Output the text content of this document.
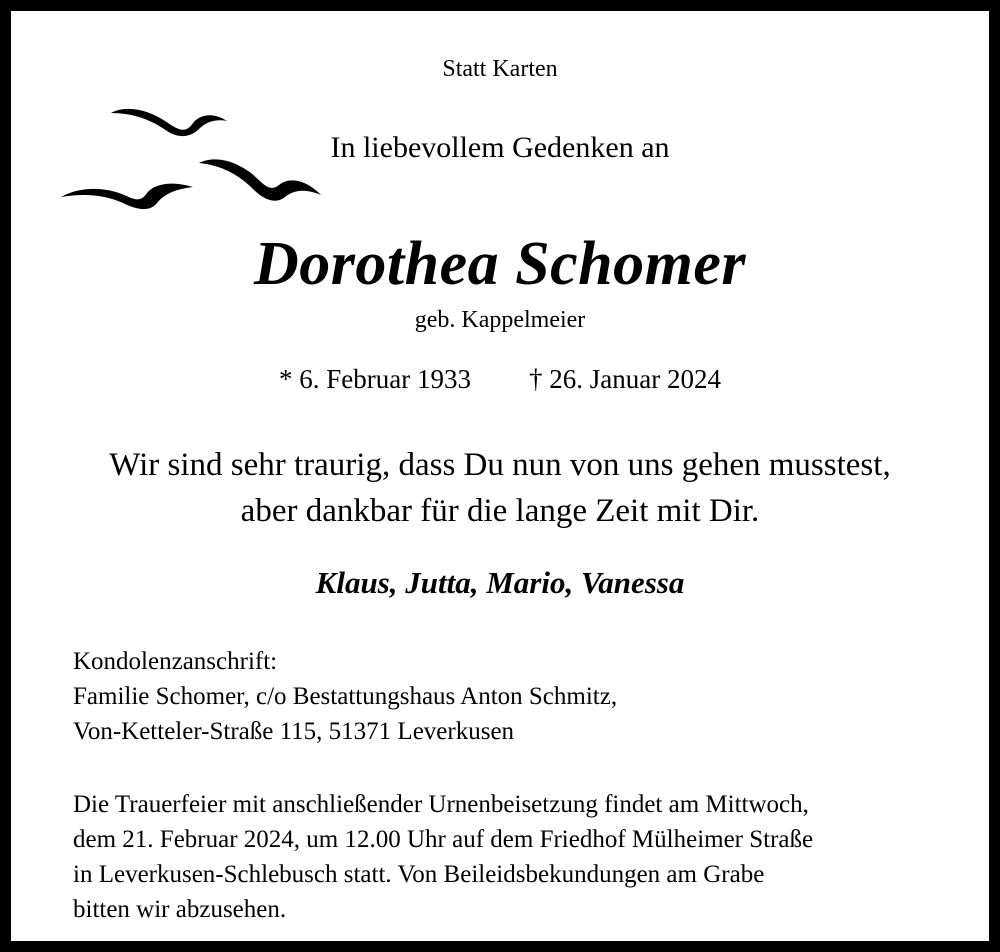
Statt Karten
In liebevollem Gedenken an
Dorothea Schomer
geb. Kappelmeier
* 6. Februar 1933 † 26. Januar 2024
Wir sind sehr traurig, dass Du nun von uns gehen musstest,
aber dankbar für die lange Zeit mit Dir.
Klaus, Jutta, Mario, Vanessa
Kondolenzanschrift:
Familie Schomer, c/o Bestattungshaus Anton Schmitz,
Von-Ketteler-Straße 115, 51371 Leverkusen
Die Trauerfeier mit anschließender Urnenbeisetzung findet am Mittwoch,
dem 21. Februar 2024, um 12.00 Uhr auf dem Friedhof Mülheimer Straße
in Leverkusen-Schlebusch statt. Von Beileidsbekundungen am Grabe
bitten wir abzusehen.
